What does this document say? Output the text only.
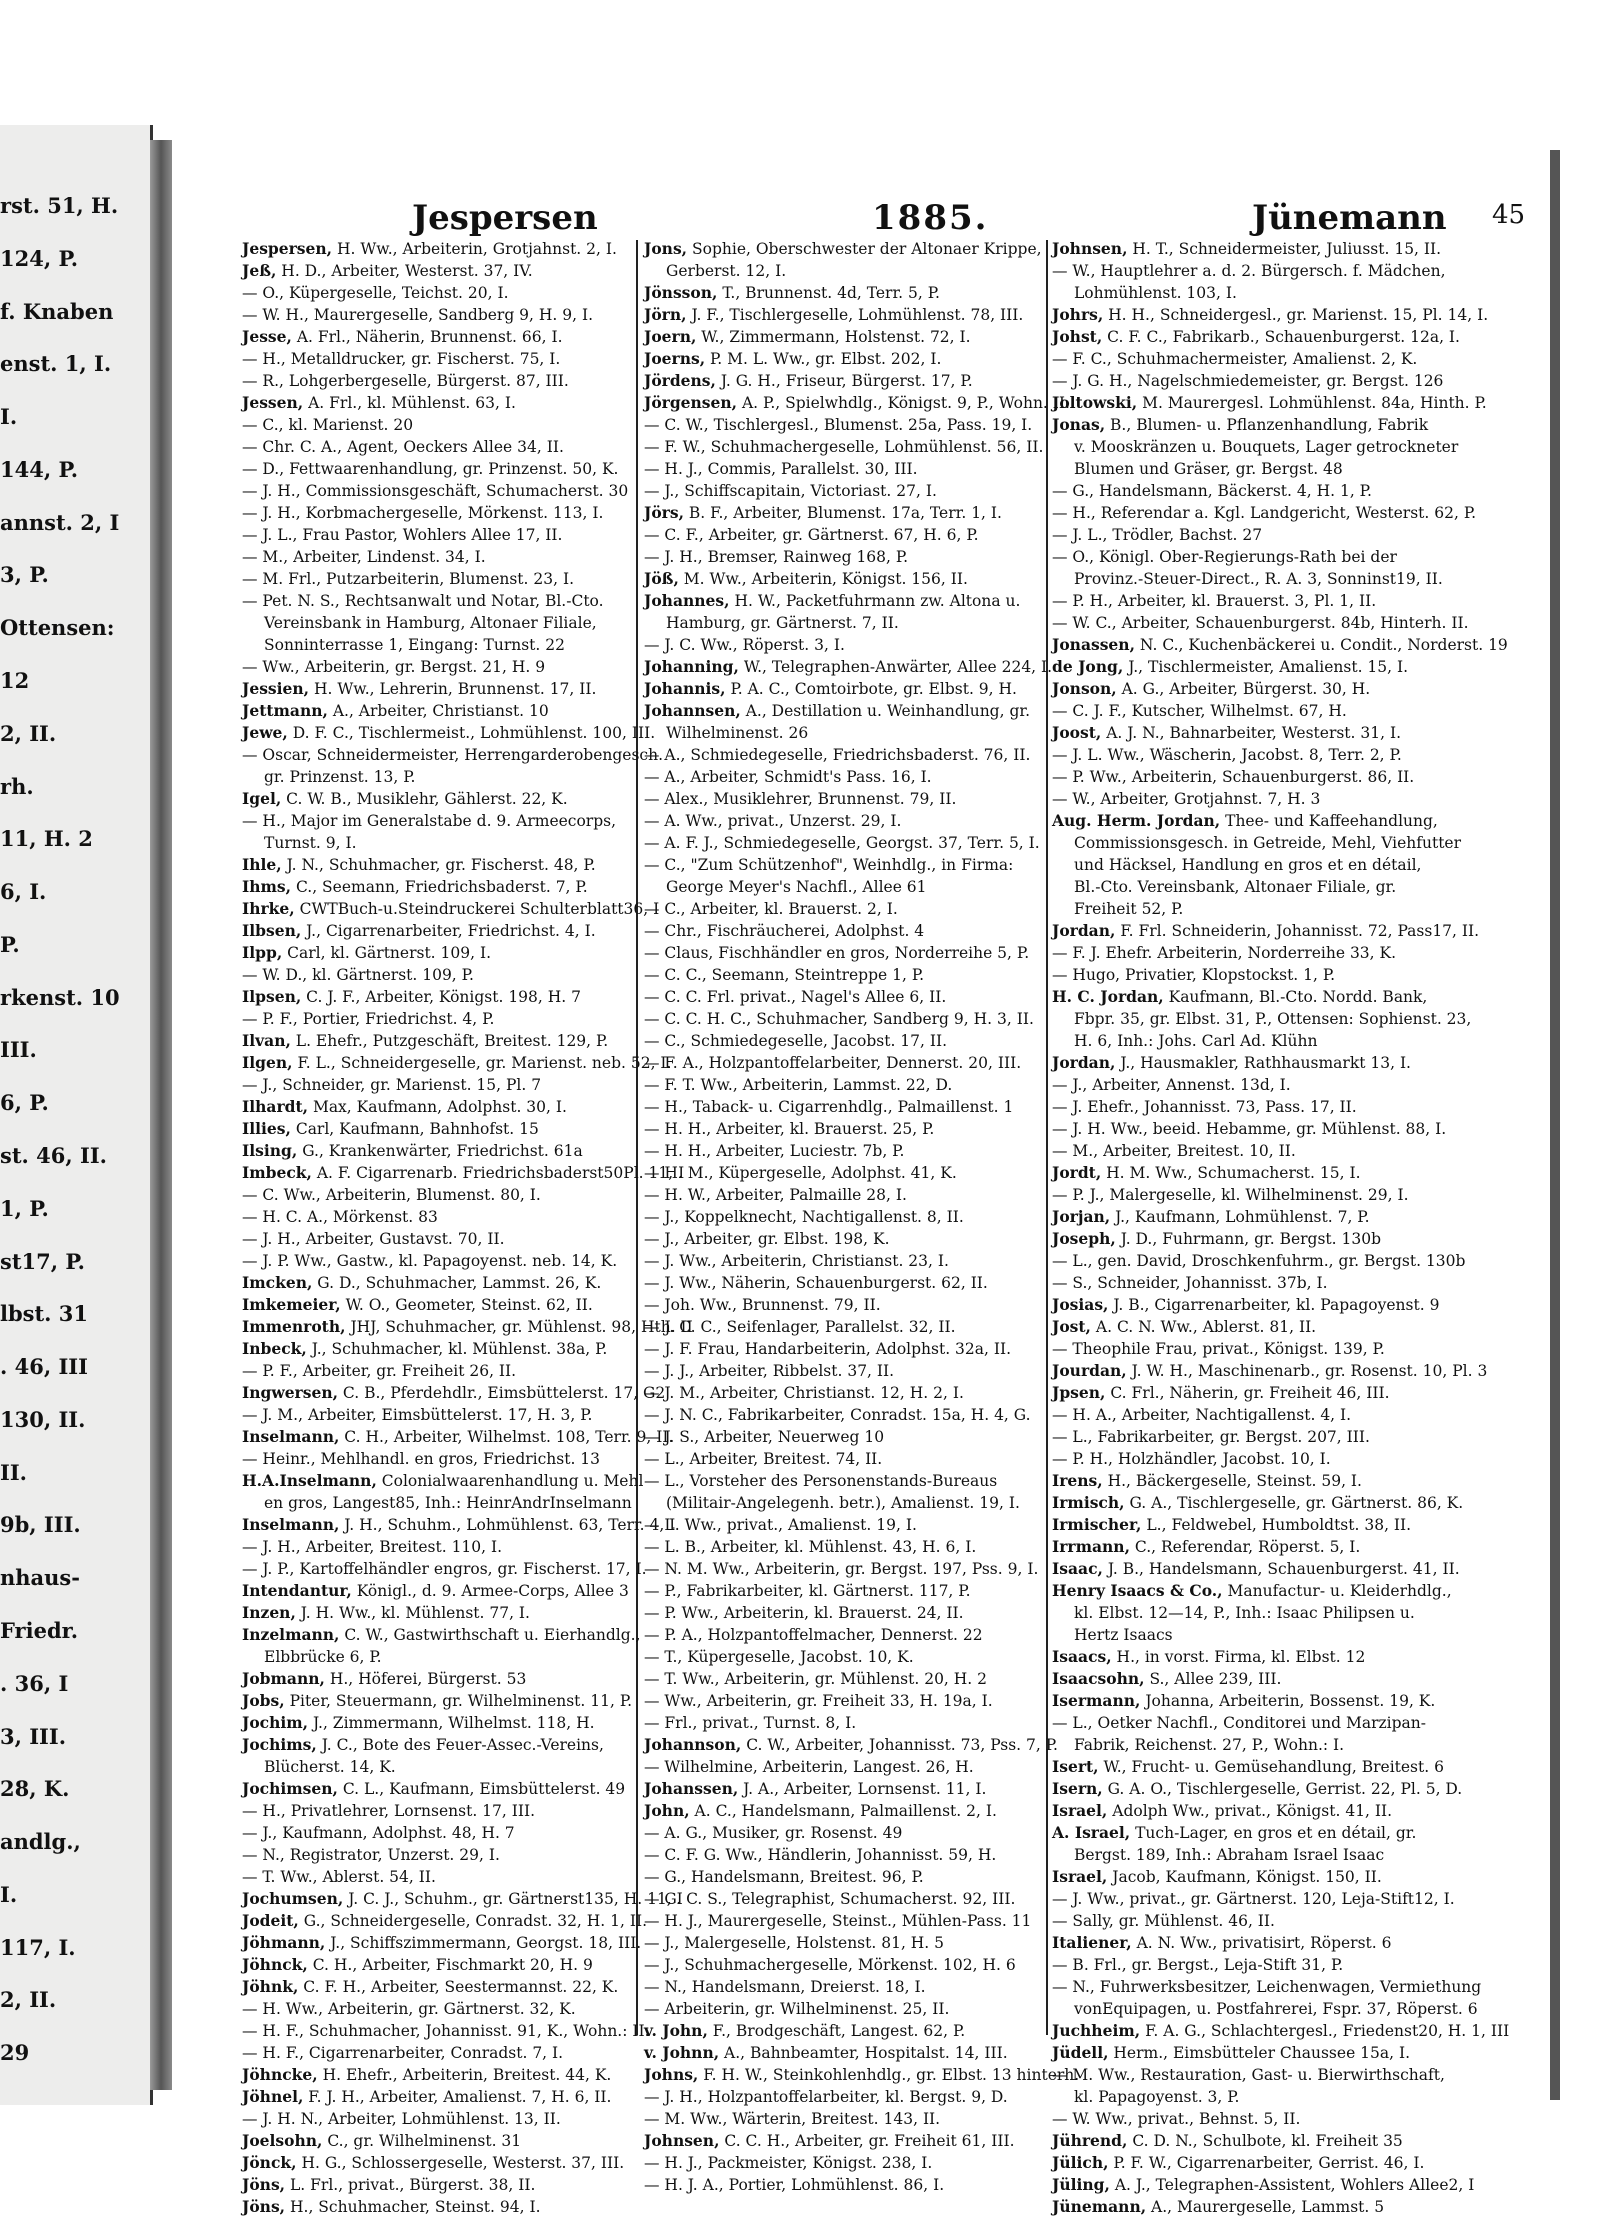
rst. 51, H.
124, P.
f. Knaben
enst. 1, I.
I.
144, P.
annst. 2, I
3, P.
Ottensen:
12
2, II.
rh.
11, H. 2
6, I.
P.
rkenst. 10
III.
6, P.
st. 46, II.
1, P.
st17, P.
lbst. 31
. 46, III
130, II.
II.
9b, III.
nhaus-
Friedr.
. 36, I
3, III.
28, K.
andlg.,
I.
117, I.
2, II.
29
Jespersen	1885.	Jünemann 45
Jespersen, H. Ww., Arbeiterin, Grotjahnst. 2, I.
Jeß, H. D., Arbeiter, Westerst. 37, IV.
— O., Küpergeselle, Teichst. 20, I.
— W. H., Maurergeselle, Sandberg 9, H. 9, I.
Jesse, A. Frl., Näherin, Brunnenst. 66, I.
— H., Metalldrucker, gr. Fischerst. 75, I.
— R., Lohgerbergeselle, Bürgerst. 87, III.
Jessen, A. Frl., kl. Mühlenst. 63, I.
— C., kl. Marienst. 20
— Chr. C. A., Agent, Oeckers Allee 34, II.
— D., Fettwaarenhandlung, gr. Prinzenst. 50, K.
— J. H., Commissionsgeschäft, Schumacherst. 30
— J. H., Korbmachergeselle, Mörkenst. 113, I.
— J. L., Frau Pastor, Wohlers Allee 17, II.
— M., Arbeiter, Lindenst. 34, I.
— M. Frl., Putzarbeiterin, Blumenst. 23, I.
— Pet. N. S., Rechtsanwalt und Notar, Bl.-Cto.
Vereinsbank in Hamburg, Altonaer Filiale,
Sonninterrasse 1, Eingang: Turnst. 22
— Ww., Arbeiterin, gr. Bergst. 21, H. 9
Jessien, H. Ww., Lehrerin, Brunnenst. 17, II.
Jettmann, A., Arbeiter, Christianst. 10
Jewe, D. F. C., Tischlermeist., Lohmühlenst. 100, III.
— Oscar, Schneidermeister, Herrengarderobengesch.
gr. Prinzenst. 13, P.
Igel, C. W. B., Musiklehr, Gählerst. 22, K.
— H., Major im Generalstabe d. 9. Armeecorps,
Turnst. 9, I.
Ihle, J. N., Schuhmacher, gr. Fischerst. 48, P.
Ihms, C., Seemann, Friedrichsbaderst. 7, P.
Ihrke, CWTBuch-u.Steindruckerei Schulterblatt36, I
Ilbsen, J., Cigarrenarbeiter, Friedrichst. 4, I.
Ilpp, Carl, kl. Gärtnerst. 109, I.
— W. D., kl. Gärtnerst. 109, P.
Ilpsen, C. J. F., Arbeiter, Königst. 198, H. 7
— P. F., Portier, Friedrichst. 4, P.
Ilvan, L. Ehefr., Putzgeschäft, Breitest. 129, P.
Ilgen, F. L., Schneidergeselle, gr. Marienst. neb. 52, I.
— J., Schneider, gr. Marienst. 15, Pl. 7
Ilhardt, Max, Kaufmann, Adolphst. 30, I.
Illies, Carl, Kaufmann, Bahnhofst. 15
Ilsing, G., Krankenwärter, Friedrichst. 61a
Imbeck, A. F. Cigarrenarb. Friedrichsbaderst50Pl. 11, I
— C. Ww., Arbeiterin, Blumenst. 80, I.
— H. C. A., Mörkenst. 83
— J. H., Arbeiter, Gustavst. 70, II.
— J. P. Ww., Gastw., kl. Papagoyenst. neb. 14, K.
Imcken, G. D., Schuhmacher, Lammst. 26, K.
Imkemeier, W. O., Geometer, Steinst. 62, II.
Immenroth, JHJ, Schuhmacher, gr. Mühlenst. 98, Hth. II
Inbeck, J., Schuhmacher, kl. Mühlenst. 38a, P.
— P. F., Arbeiter, gr. Freiheit 26, II.
Ingwersen, C. B., Pferdehdlr., Eimsbüttelerst. 17, G2
— J. M., Arbeiter, Eimsbüttelerst. 17, H. 3, P.
Inselmann, C. H., Arbeiter, Wilhelmst. 108, Terr. 9, II.
— Heinr., Mehlhandl. en gros, Friedrichst. 13
H.A.Inselmann, Colonialwaarenhandlung u. Mehl
en gros, Langest85, Inh.: HeinrAndrInselmann
Inselmann, J. H., Schuhm., Lohmühlenst. 63, Terr. 4, I
— J. H., Arbeiter, Breitest. 110, I.
— J. P., Kartoffelhändler engros, gr. Fischerst. 17, I.
Intendantur, Königl., d. 9. Armee-Corps, Allee 3
Inzen, J. H. Ww., kl. Mühlenst. 77, I.
Inzelmann, C. W., Gastwirthschaft u. Eierhandlg.,
Elbbrücke 6, P.
Jobmann, H., Höferei, Bürgerst. 53
Jobs, Piter, Steuermann, gr. Wilhelminenst. 11, P.
Jochim, J., Zimmermann, Wilhelmst. 118, H.
Jochims, J. C., Bote des Feuer-Assec.-Vereins,
Blücherst. 14, K.
Jochimsen, C. L., Kaufmann, Eimsbüttelerst. 49
— H., Privatlehrer, Lornsenst. 17, III.
— J., Kaufmann, Adolphst. 48, H. 7
— N., Registrator, Unzerst. 29, I.
— T. Ww., Ablerst. 54, II.
Jochumsen, J. C. J., Schuhm., gr. Gärtnerst135, H. 11, I
Jodeit, G., Schneidergeselle, Conradst. 32, H. 1, II.
Jöhmann, J., Schiffszimmermann, Georgst. 18, III.
Jöhnck, C. H., Arbeiter, Fischmarkt 20, H. 9
Jöhnk, C. F. H., Arbeiter, Seestermannst. 22, K.
— H. Ww., Arbeiterin, gr. Gärtnerst. 32, K.
— H. F., Schuhmacher, Johannisst. 91, K., Wohn.: II.
— H. F., Cigarrenarbeiter, Conradst. 7, I.
Jöhncke, H. Ehefr., Arbeiterin, Breitest. 44, K.
Jöhnel, F. J. H., Arbeiter, Amalienst. 7, H. 6, II.
— J. H. N., Arbeiter, Lohmühlenst. 13, II.
Joelsohn, C., gr. Wilhelminenst. 31
Jönck, H. G., Schlossergeselle, Westerst. 37, III.
Jöns, L. Frl., privat., Bürgerst. 38, II.
Jöns, H., Schuhmacher, Steinst. 94, I.
Jons, Sophie, Oberschwester der Altonaer Krippe,
Gerberst. 12, I.
Jönsson, T., Brunnenst. 4d, Terr. 5, P.
Jörn, J. F., Tischlergeselle, Lohmühlenst. 78, III.
Joern, W., Zimmermann, Holstenst. 72, I.
Joerns, P. M. L. Ww., gr. Elbst. 202, I.
Jördens, J. G. H., Friseur, Bürgerst. 17, P.
Jörgensen, A. P., Spielwhdlg., Königst. 9, P., Wohn. II.
— C. W., Tischlergesl., Blumenst. 25a, Pass. 19, I.
— F. W., Schuhmachergeselle, Lohmühlenst. 56, II.
— H. J., Commis, Parallelst. 30, III.
— J., Schiffscapitain, Victoriast. 27, I.
Jörs, B. F., Arbeiter, Blumenst. 17a, Terr. 1, I.
— C. F., Arbeiter, gr. Gärtnerst. 67, H. 6, P.
— J. H., Bremser, Rainweg 168, P.
Jöß, M. Ww., Arbeiterin, Königst. 156, II.
Johannes, H. W., Packetfuhrmann zw. Altona u.
Hamburg, gr. Gärtnerst. 7, II.
— J. C. Ww., Röperst. 3, I.
Johanning, W., Telegraphen-Anwärter, Allee 224, I.
Johannis, P. A. C., Comtoirbote, gr. Elbst. 9, H.
Johannsen, A., Destillation u. Weinhandlung, gr.
Wilhelminenst. 26
— A., Schmiedegeselle, Friedrichsbaderst. 76, II.
— A., Arbeiter, Schmidt's Pass. 16, I.
— Alex., Musiklehrer, Brunnenst. 79, II.
— A. Ww., privat., Unzerst. 29, I.
— A. F. J., Schmiedegeselle, Georgst. 37, Terr. 5, I.
— C., "Zum Schützenhof", Weinhdlg., in Firma:
George Meyer's Nachfl., Allee 61
— C., Arbeiter, kl. Brauerst. 2, I.
— Chr., Fischräucherei, Adolphst. 4
— Claus, Fischhändler en gros, Norderreihe 5, P.
— C. C., Seemann, Steintreppe 1, P.
— C. C. Frl. privat., Nagel's Allee 6, II.
— C. C. H. C., Schuhmacher, Sandberg 9, H. 3, II.
— C., Schmiedegeselle, Jacobst. 17, II.
— F. A., Holzpantoffelarbeiter, Dennerst. 20, III.
— F. T. Ww., Arbeiterin, Lammst. 22, D.
— H., Taback- u. Cigarrenhdlg., Palmaillenst. 1
— H. H., Arbeiter, kl. Brauerst. 25, P.
— H. H., Arbeiter, Luciestr. 7b, P.
— H. M., Küpergeselle, Adolphst. 41, K.
— H. W., Arbeiter, Palmaille 28, I.
— J., Koppelknecht, Nachtigallenst. 8, II.
— J., Arbeiter, gr. Elbst. 198, K.
— J. Ww., Arbeiterin, Christianst. 23, I.
— J. Ww., Näherin, Schauenburgerst. 62, II.
— Joh. Ww., Brunnenst. 79, II.
— J. C. C., Seifenlager, Parallelst. 32, II.
— J. F. Frau, Handarbeiterin, Adolphst. 32a, II.
— J. J., Arbeiter, Ribbelst. 37, II.
— J. M., Arbeiter, Christianst. 12, H. 2, I.
— J. N. C., Fabrikarbeiter, Conradst. 15a, H. 4, G.
— J. S., Arbeiter, Neuerweg 10
— L., Arbeiter, Breitest. 74, II.
— L., Vorsteher des Personenstands-Bureaus
(Militair-Angelegenh. betr.), Amalienst. 19, I.
— L. Ww., privat., Amalienst. 19, I.
— L. B., Arbeiter, kl. Mühlenst. 43, H. 6, I.
— N. M. Ww., Arbeiterin, gr. Bergst. 197, Pss. 9, I.
— P., Fabrikarbeiter, kl. Gärtnerst. 117, P.
— P. Ww., Arbeiterin, kl. Brauerst. 24, II.
— P. A., Holzpantoffelmacher, Dennerst. 22
— T., Küpergeselle, Jacobst. 10, K.
— T. Ww., Arbeiterin, gr. Mühlenst. 20, H. 2
— Ww., Arbeiterin, gr. Freiheit 33, H. 19a, I.
— Frl., privat., Turnst. 8, I.
Johannson, C. W., Arbeiter, Johannisst. 73, Pss. 7, P.
— Wilhelmine, Arbeiterin, Langest. 26, H.
Johanssen, J. A., Arbeiter, Lornsenst. 11, I.
John, A. C., Handelsmann, Palmaillenst. 2, I.
— A. G., Musiker, gr. Rosenst. 49
— C. F. G. Ww., Händlerin, Johannisst. 59, H.
— G., Handelsmann, Breitest. 96, P.
— G. C. S., Telegraphist, Schumacherst. 92, III.
— H. J., Maurergeselle, Steinst., Mühlen-Pass. 11
— J., Malergeselle, Holstenst. 81, H. 5
— J., Schuhmachergeselle, Mörkenst. 102, H. 6
— N., Handelsmann, Dreierst. 18, I.
— Arbeiterin, gr. Wilhelminenst. 25, II.
v. John, F., Brodgeschäft, Langest. 62, P.
v. Johnn, A., Bahnbeamter, Hospitalst. 14, III.
Johns, F. H. W., Steinkohlenhdlg., gr. Elbst. 13 hinterh.
— J. H., Holzpantoffelarbeiter, kl. Bergst. 9, D.
— M. Ww., Wärterin, Breitest. 143, II.
Johnsen, C. C. H., Arbeiter, gr. Freiheit 61, III.
— H. J., Packmeister, Königst. 238, I.
— H. J. A., Portier, Lohmühlenst. 86, I.
Johnsen, H. T., Schneidermeister, Juliusst. 15, II.
— W., Hauptlehrer a. d. 2. Bürgersch. f. Mädchen,
Lohmühlenst. 103, I.
Johrs, H. H., Schneidergesl., gr. Marienst. 15, Pl. 14, I.
Johst, C. F. C., Fabrikarb., Schauenburgerst. 12a, I.
— F. C., Schuhmachermeister, Amalienst. 2, K.
— J. G. H., Nagelschmiedemeister, gr. Bergst. 126
Joltowski, M. Maurergesl. Lohmühlenst. 84a, Hinth. P.
Jonas, B., Blumen- u. Pflanzenhandlung, Fabrik
v. Mooskränzen u. Bouquets, Lager getrockneter
Blumen und Gräser, gr. Bergst. 48
— G., Handelsmann, Bäckerst. 4, H. 1, P.
— H., Referendar a. Kgl. Landgericht, Westerst. 62, P.
— J. L., Trödler, Bachst. 27
— O., Königl. Ober-Regierungs-Rath bei der
Provinz.-Steuer-Direct., R. A. 3, Sonninst19, II.
— P. H., Arbeiter, kl. Brauerst. 3, Pl. 1, II.
— W. C., Arbeiter, Schauenburgerst. 84b, Hinterh. II.
Jonassen, N. C., Kuchenbäckerei u. Condit., Norderst. 19
de Jong, J., Tischlermeister, Amalienst. 15, I.
Jonson, A. G., Arbeiter, Bürgerst. 30, H.
— C. J. F., Kutscher, Wilhelmst. 67, H.
Joost, A. J. N., Bahnarbeiter, Westerst. 31, I.
— J. L. Ww., Wäscherin, Jacobst. 8, Terr. 2, P.
— P. Ww., Arbeiterin, Schauenburgerst. 86, II.
— W., Arbeiter, Grotjahnst. 7, H. 3
Aug. Herm. Jordan, Thee- und Kaffeehandlung,
Commissionsgesch. in Getreide, Mehl, Viehfutter
und Häcksel, Handlung en gros et en détail,
Bl.-Cto. Vereinsbank, Altonaer Filiale, gr.
Freiheit 52, P.
Jordan, F. Frl. Schneiderin, Johannisst. 72, Pass17, II.
— F. J. Ehefr. Arbeiterin, Norderreihe 33, K.
— Hugo, Privatier, Klopstockst. 1, P.
H. C. Jordan, Kaufmann, Bl.-Cto. Nordd. Bank,
Fbpr. 35, gr. Elbst. 31, P., Ottensen: Sophienst. 23,
H. 6, Inh.: Johs. Carl Ad. Klühn
Jordan, J., Hausmakler, Rathhausmarkt 13, I.
— J., Arbeiter, Annenst. 13d, I.
— J. Ehefr., Johannisst. 73, Pass. 17, II.
— J. H. Ww., beeid. Hebamme, gr. Mühlenst. 88, I.
— M., Arbeiter, Breitest. 10, II.
Jordt, H. M. Ww., Schumacherst. 15, I.
— P. J., Malergeselle, kl. Wilhelminenst. 29, I.
Jorjan, J., Kaufmann, Lohmühlenst. 7, P.
Joseph, J. D., Fuhrmann, gr. Bergst. 130b
— L., gen. David, Droschkenfuhrm., gr. Bergst. 130b
— S., Schneider, Johannisst. 37b, I.
Josias, J. B., Cigarrenarbeiter, kl. Papagoyenst. 9
Jost, A. C. N. Ww., Ablerst. 81, II.
— Theophile Frau, privat., Königst. 139, P.
Jourdan, J. W. H., Maschinenarb., gr. Rosenst. 10, Pl. 3
Jpsen, C. Frl., Näherin, gr. Freiheit 46, III.
— H. A., Arbeiter, Nachtigallenst. 4, I.
— L., Fabrikarbeiter, gr. Bergst. 207, III.
— P. H., Holzhändler, Jacobst. 10, I.
Irens, H., Bäckergeselle, Steinst. 59, I.
Irmisch, G. A., Tischlergeselle, gr. Gärtnerst. 86, K.
Irmischer, L., Feldwebel, Humboldtst. 38, II.
Irrmann, C., Referendar, Röperst. 5, I.
Isaac, J. B., Handelsmann, Schauenburgerst. 41, II.
Henry Isaacs & Co., Manufactur- u. Kleiderhdlg.,
kl. Elbst. 12—14, P., Inh.: Isaac Philipsen u.
Hertz Isaacs
Isaacs, H., in vorst. Firma, kl. Elbst. 12
Isaacsohn, S., Allee 239, III.
Isermann, Johanna, Arbeiterin, Bossenst. 19, K.
— L., Oetker Nachfl., Conditorei und Marzipan-
Fabrik, Reichenst. 27, P., Wohn.: I.
Isert, W., Frucht- u. Gemüsehandlung, Breitest. 6
Isern, G. A. O., Tischlergeselle, Gerrist. 22, Pl. 5, D.
Israel, Adolph Ww., privat., Königst. 41, II.
A. Israel, Tuch-Lager, en gros et en détail, gr.
Bergst. 189, Inh.: Abraham Israel Isaac
Israel, Jacob, Kaufmann, Königst. 150, II.
— J. Ww., privat., gr. Gärtnerst. 120, Leja-Stift12, I.
— Sally, gr. Mühlenst. 46, II.
Italiener, A. N. Ww., privatisirt, Röperst. 6
— B. Frl., gr. Bergst., Leja-Stift 31, P.
— N., Fuhrwerksbesitzer, Leichenwagen, Vermiethung
vonEquipagen, u. Postfahrerei, Fspr. 37, Röperst. 6
Juchheim, F. A. G., Schlachtergesl., Friedenst20, H. 1, III
Jüdell, Herm., Eimsbütteler Chaussee 15a, I.
— M. Ww., Restauration, Gast- u. Bierwirthschaft,
kl. Papagoyenst. 3, P.
— W. Ww., privat., Behnst. 5, II.
Jührend, C. D. N., Schulbote, kl. Freiheit 35
Jülich, P. F. W., Cigarrenarbeiter, Gerrist. 46, I.
Jüling, A. J., Telegraphen-Assistent, Wohlers Allee2, I
Jünemann, A., Maurergeselle, Lammst. 5
